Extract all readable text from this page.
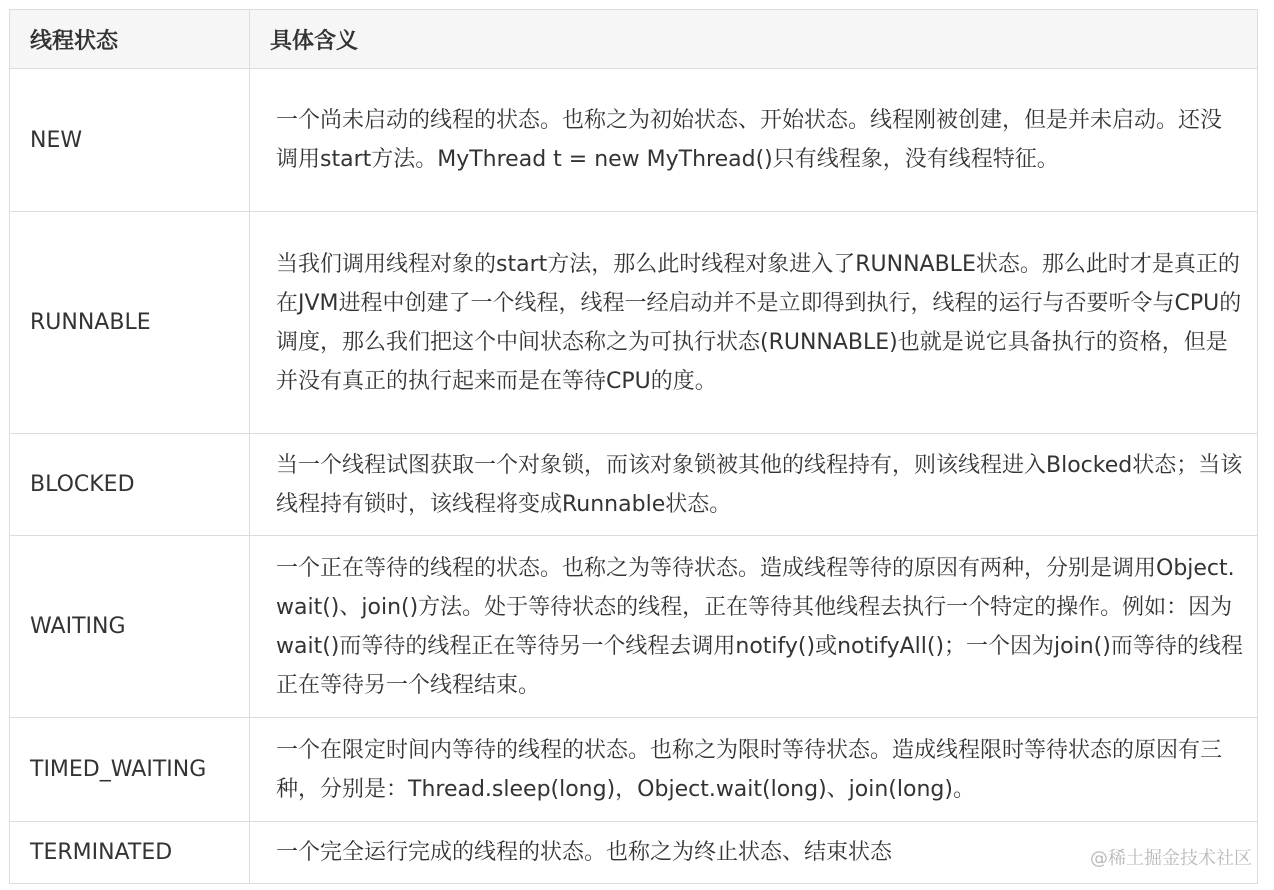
线程状态	具体含义
NEW	一个尚未启动的线程的状态。也称之为初始状态、开始状态。线程刚被创建，但是并未启动。还没调用start方法。MyThread t = new MyThread()只有线程象，没有线程特征。
RUNNABLE	当我们调用线程对象的start方法，那么此时线程对象进入了RUNNABLE状态。那么此时才是真正的在JVM进程中创建了一个线程，线程一经启动并不是立即得到执行，线程的运行与否要听令与CPU的调度，那么我们把这个中间状态称之为可执行状态(RUNNABLE)也就是说它具备执行的资格，但是并没有真正的执行起来而是在等待CPU的度。
BLOCKED	当一个线程试图获取一个对象锁，而该对象锁被其他的线程持有，则该线程进入Blocked状态；当该线程持有锁时，该线程将变成Runnable状态。
WAITING	一个正在等待的线程的状态。也称之为等待状态。造成线程等待的原因有两种，分别是调用Object.wait()、join()方法。处于等待状态的线程，正在等待其他线程去执行一个特定的操作。例如：因为wait()而等待的线程正在等待另一个线程去调用notify()或notifyAll()；一个因为join()而等待的线程正在等待另一个线程结束。
TIMED_WAITING	一个在限定时间内等待的线程的状态。也称之为限时等待状态。造成线程限时等待状态的原因有三种，分别是：Thread.sleep(long)，Object.wait(long)、join(long)。
TERMINATED	一个完全运行完成的线程的状态。也称之为终止状态、结束状态	@稀土掘金技术社区
